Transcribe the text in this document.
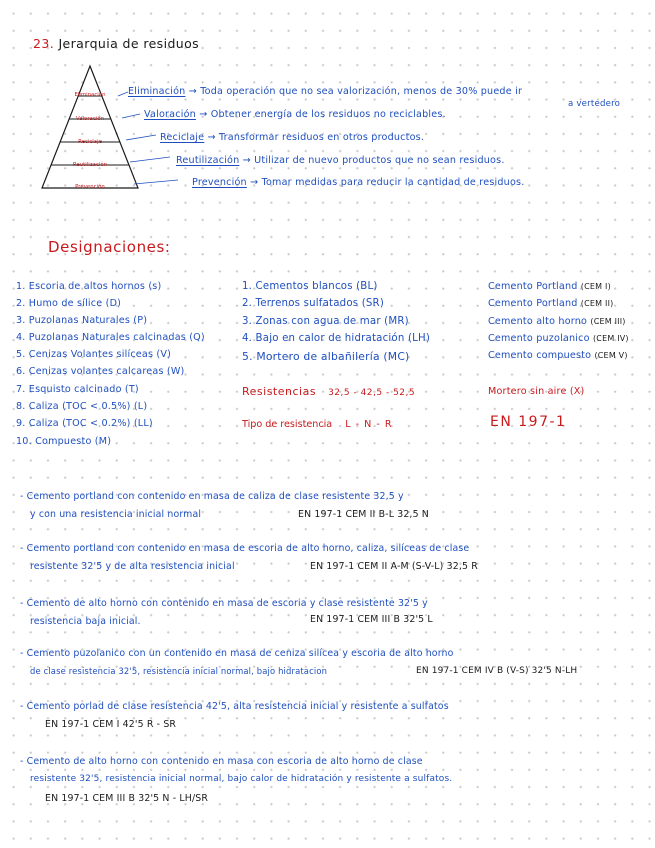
23. Jerarquia de residuos
Eliminación
Valoración
Reciclaje
Reutilización
Prevención
Eliminación → Toda operación que no sea valorización, menos de 30% puede ir
a vertedero
Valoración → Obtener energía de los residuos no reciclables.
Reciclaje → Transformar residuos en otros productos.
Reutilización → Utilizar de nuevo productos que no sean residuos.
Prevención → Tomar medidas para reducir la cantidad de residuos.
Designaciones:
1. Escoria de altos hornos (s)
2. Humo de sílice (D)
3. Puzolanas Naturales (P)
4. Puzolanas Naturales calcinadas (Q)
5. Cenizas Volantes silíceas (V)
6. Cenizas volantes calcareas (W)
7. Esquisto calcinado (T)
8. Caliza (TOC < 0.5%) (L)
9. Caliza (TOC < 0.2%) (LL)
10. Compuesto (M)
1. Cementos blancos (BL)
2. Terrenos sulfatados (SR)
3. Zonas con agua de mar (MR)
4. Bajo en calor de hidratación (LH)
5. Mortero de albañilería (MC)
Cemento Portland (CEM I)
Cemento Portland (CEM II)
Cemento alto horno (CEM III)
Cemento puzolanico (CEM IV)
Cemento compuesto (CEM V)
Resistencias 32,5 - 42,5 - 52,5	Mortero sin aire (X)
Tipo de resistencia L - N - R	EN 197-1
- Cemento portland con contenido en masa de caliza de clase resistente 32,5 y
y con una resistencia inicial normal	EN 197-1 CEM II B-L 32,5 N
- Cemento portland con contenido en masa de escoria de alto horno, caliza, silíceas de clase
resistente 32'5 y de alta resistencia inicial	EN 197-1 CEM II A-M (S-V-L) 32,5 R
- Cemento de alto horno con contenido en masa de escoria y clase resistente 32'5 y
resistencia baja inicial.	EN 197-1 CEM III B 32'5 L
- Cemento puzolanico con un contenido en masa de ceniza silícea y escoria de alto horno
de clase resistencia 32'5, resistencia inicial normal, bajo hidratacion	EN 197-1 CEM IV B (V-S) 32'5 N-LH
- Cemento porlad de clase resistencia 42'5, alta resistencia inicial y resistente a sulfatos
EN 197-1 CEM I 42'5 R - SR
- Cemento de alto horno con contenido en masa con escoria de alto horno de clase
resistente 32'5, resistencia inicial normal, bajo calor de hidratación y resistente a sulfatos.
EN 197-1 CEM III B 32'5 N - LH/SR
